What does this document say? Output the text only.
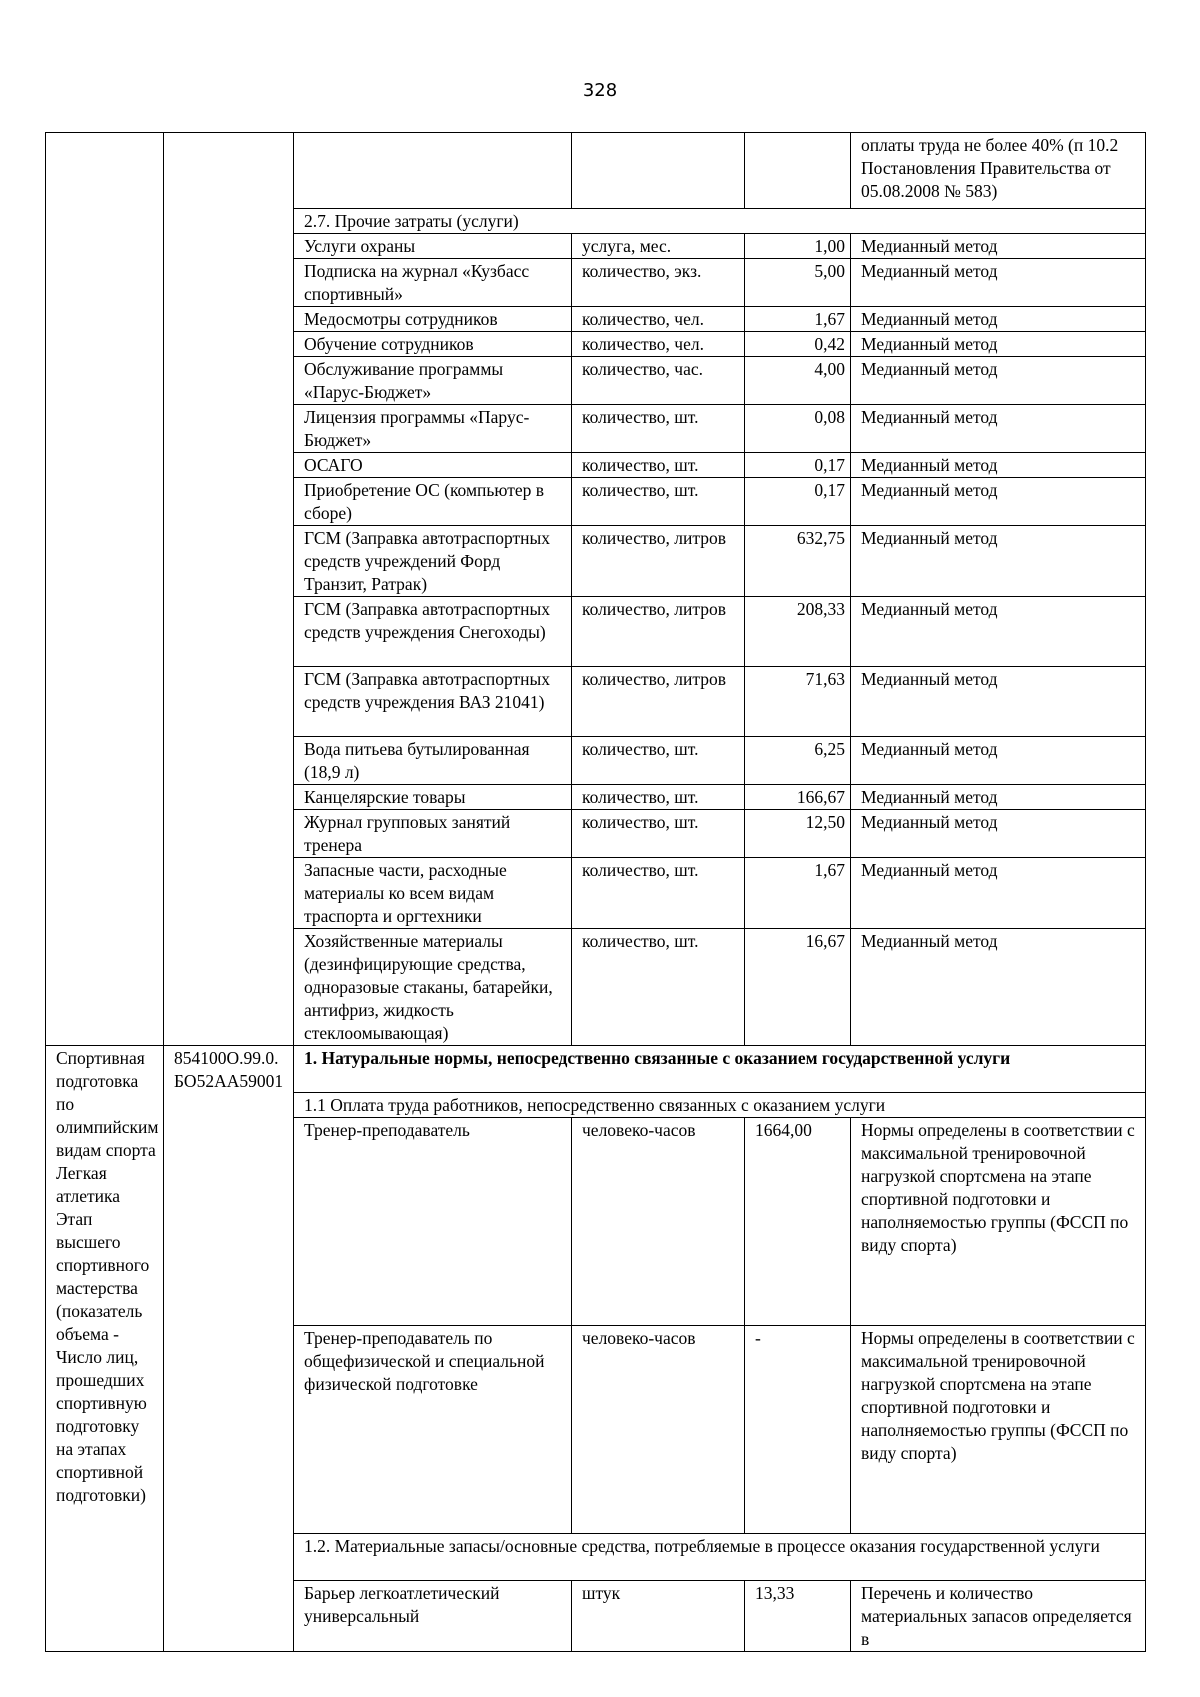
328
					оплаты труда не более 40% (п 10.2 Постановления Правительства от 05.08.2008 № 583)
		2.7. Прочие затраты (услуги)			
		Услуги охраны	услуга, мес.	1,00	Медианный метод
		Подписка на журнал «Кузбасс спортивный»	количество, экз.	5,00	Медианный метод
		Медосмотры сотрудников	количество, чел.	1,67	Медианный метод
		Обучение сотрудников	количество, чел.	0,42	Медианный метод
		Обслуживание программы «Парус-Бюджет»	количество, час.	4,00	Медианный метод
		Лицензия программы «Парус-Бюджет»	количество, шт.	0,08	Медианный метод
		ОСАГО	количество, шт.	0,17	Медианный метод
		Приобретение ОС (компьютер в сборе)	количество, шт.	0,17	Медианный метод
		ГСМ (Заправка автотраспортных средств учреждений Форд Транзит, Ратрак)	количество, литров	632,75	Медианный метод
		ГСМ (Заправка автотраспортных средств учреждения Снегоходы)	количество, литров	208,33	Медианный метод
		ГСМ (Заправка автотраспортных средств учреждения ВАЗ 21041)	количество, литров	71,63	Медианный метод
		Вода питьева бутылированная (18,9 л)	количество, шт.	6,25	Медианный метод
		Канцелярские товары	количество, шт.	166,67	Медианный метод
		Журнал групповых занятий тренера	количество, шт.	12,50	Медианный метод
		Запасные части, расходные материалы ко всем видам траспорта и оргтехники	количество, шт.	1,67	Медианный метод
		Хозяйственные материалы (дезинфицирующие средства, одноразовые стаканы, батарейки, антифриз, жидкость стеклоомывающая)	количество, шт.	16,67	Медианный метод
Спортивная подготовка по олимпийским видам спорта Легкая атлетика Этап высшего спортивного мастерства (показатель объема - Число лиц, прошедших спортивную подготовку на этапах спортивной подготовки)	854100О.99.0.БО52АА59001	1. Натуральные нормы, непосредственно связанные с оказанием государственной услуги			
		1.1 Оплата труда работников, непосредственно связанных с оказанием услуги			
		Тренер-преподаватель	человеко-часов	1664,00	Нормы определены в соответствии с максимальной тренировочной нагрузкой спортсмена на этапе спортивной подготовки и наполняемостью группы (ФССП по виду спорта)
		Тренер-преподаватель по общефизической и специальной физической подготовке	человеко-часов	-	Нормы определены в соответствии с максимальной тренировочной нагрузкой спортсмена на этапе спортивной подготовки и наполняемостью группы (ФССП по виду спорта)
		1.2. Материальные запасы/основные средства, потребляемые в процессе оказания государственной услуги			
		Барьер легкоатлетический универсальный	штук	13,33	Перечень и количество материальных запасов определяется в
